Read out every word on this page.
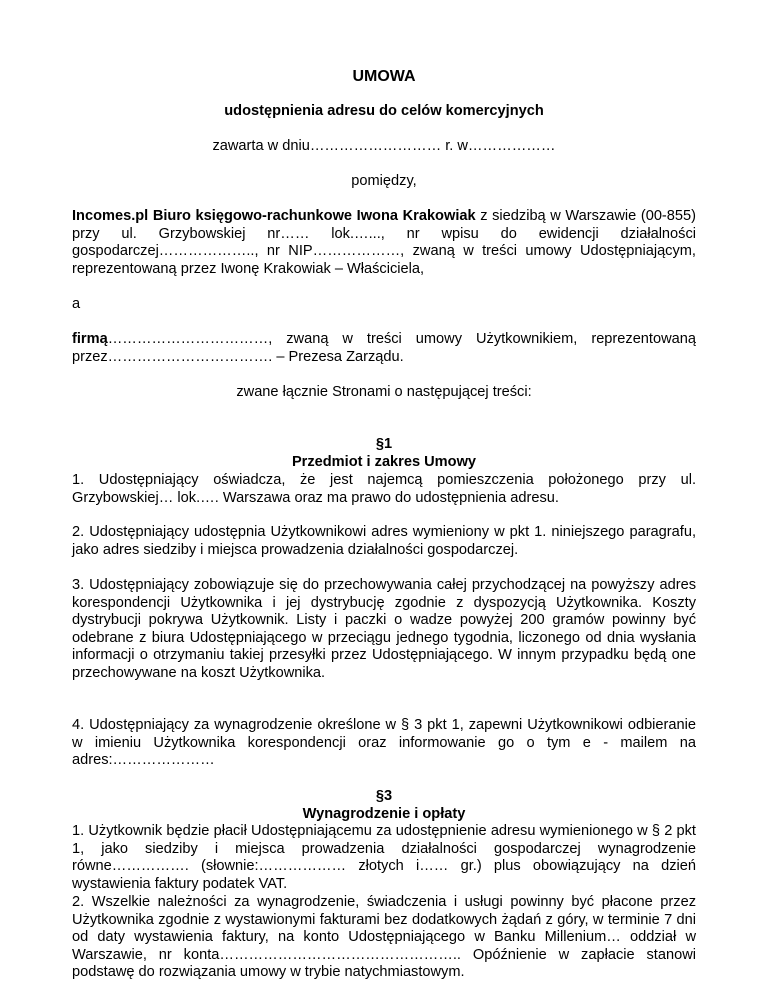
UMOWA

udostępnienia adresu do celów komercyjnych

zawarta w dniu……………………… r. w………………

pomiędzy,

Incomes.pl Biuro księgowo-rachunkowe Iwona Krakowiak z siedzibą w Warszawie (00-855) przy ul. Grzybowskiej nr…… lok.…..., nr wpisu do ewidencji działalności gospodarczej……………….., nr NIP………………, zwaną w treści umowy Udostępniającym, reprezentowaną przez Iwonę Krakowiak – Właściciela,

a

firmą……………………………, zwaną w treści umowy Użytkownikiem, reprezentowaną przez……………………………. – Prezesa Zarządu.

zwane łącznie Stronami o następującej treści:

§1

Przedmiot i zakres Umowy

1. Udostępniający oświadcza, że jest najemcą pomieszczenia położonego przy ul. Grzybowskiej… lok.…. Warszawa oraz ma prawo do udostępnienia adresu.

2. Udostępniający udostępnia Użytkownikowi adres wymieniony w pkt 1. niniejszego paragrafu, jako adres siedziby i miejsca prowadzenia działalności gospodarczej.

3. Udostępniający zobowiązuje się do przechowywania całej przychodzącej na powyższy adres korespondencji Użytkownika i jej dystrybucję zgodnie z dyspozycją Użytkownika. Koszty dystrybucji pokrywa Użytkownik. Listy i paczki o wadze powyżej 200 gramów powinny być odebrane z biura Udostępniającego w przeciągu jednego tygodnia, liczonego od dnia wysłania informacji o otrzymaniu takiej przesyłki przez Udostępniającego. W innym przypadku będą one przechowywane na koszt Użytkownika.

4. Udostępniający za wynagrodzenie określone w § 3 pkt 1, zapewni Użytkownikowi odbieranie w imieniu Użytkownika korespondencji oraz informowanie go o tym e - mailem na adres:…………………

§3

Wynagrodzenie i opłaty

1. Użytkownik będzie płacił Udostępniającemu za udostępnienie adresu wymienionego w § 2 pkt 1, jako siedziby i miejsca prowadzenia działalności gospodarczej wynagrodzenie równe……………. (słownie:……………… złotych i…… gr.) plus obowiązujący na dzień wystawienia faktury podatek VAT.

2. Wszelkie należności za wynagrodzenie, świadczenia i usługi powinny być płacone przez Użytkownika zgodnie z wystawionymi fakturami bez dodatkowych żądań z góry, w terminie 7 dni od daty wystawienia faktury, na konto Udostępniającego w Banku Millenium… oddział w Warszawie, nr konta………………………………………….. Opóźnienie w zapłacie stanowi podstawę do rozwiązania umowy w trybie natychmiastowym.
